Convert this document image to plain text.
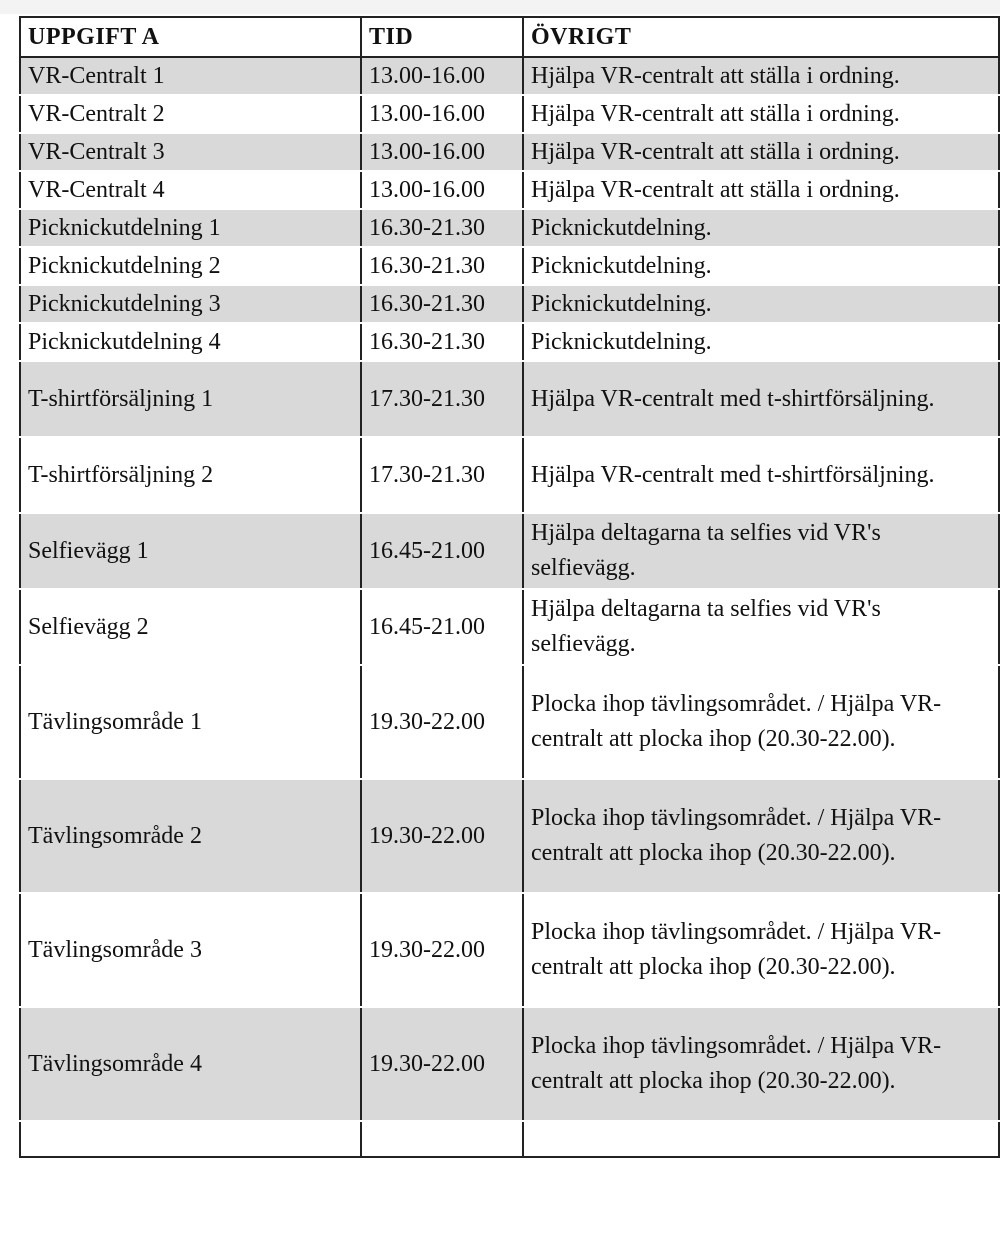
UPPGIFT A	TID	ÖVRIGT	
VR-Centralt 1	13.00-16.00	Hjälpa VR-centralt att ställa i ordning.	
VR-Centralt 2	13.00-16.00	Hjälpa VR-centralt att ställa i ordning.	
VR-Centralt 3	13.00-16.00	Hjälpa VR-centralt att ställa i ordning.	
VR-Centralt 4	13.00-16.00	Hjälpa VR-centralt att ställa i ordning.	
Picknickutdelning 1	16.30-21.30	Picknickutdelning.	
Picknickutdelning 2	16.30-21.30	Picknickutdelning.	
Picknickutdelning 3	16.30-21.30	Picknickutdelning.	
Picknickutdelning 4	16.30-21.30	Picknickutdelning.	
T-shirtförsäljning 1	17.30-21.30	Hjälpa VR-centralt med t-shirtförsäljning.	
T-shirtförsäljning 2	17.30-21.30	Hjälpa VR-centralt med t-shirtförsäljning.	
Selfievägg 1	16.45-21.00	Hjälpa deltagarna ta selfies vid VR's selfievägg.	
Selfievägg 2	16.45-21.00	Hjälpa deltagarna ta selfies vid VR's selfievägg.	
Tävlingsområde 1	19.30-22.00	Plocka ihop tävlingsområdet. / Hjälpa VR-centralt att plocka ihop (20.30-22.00).	
Tävlingsområde 2	19.30-22.00	Plocka ihop tävlingsområdet. / Hjälpa VR-centralt att plocka ihop (20.30-22.00).	
Tävlingsområde 3	19.30-22.00	Plocka ihop tävlingsområdet. / Hjälpa VR-centralt att plocka ihop (20.30-22.00).	
Tävlingsområde 4	19.30-22.00	Plocka ihop tävlingsområdet. / Hjälpa VR-centralt att plocka ihop (20.30-22.00).	
